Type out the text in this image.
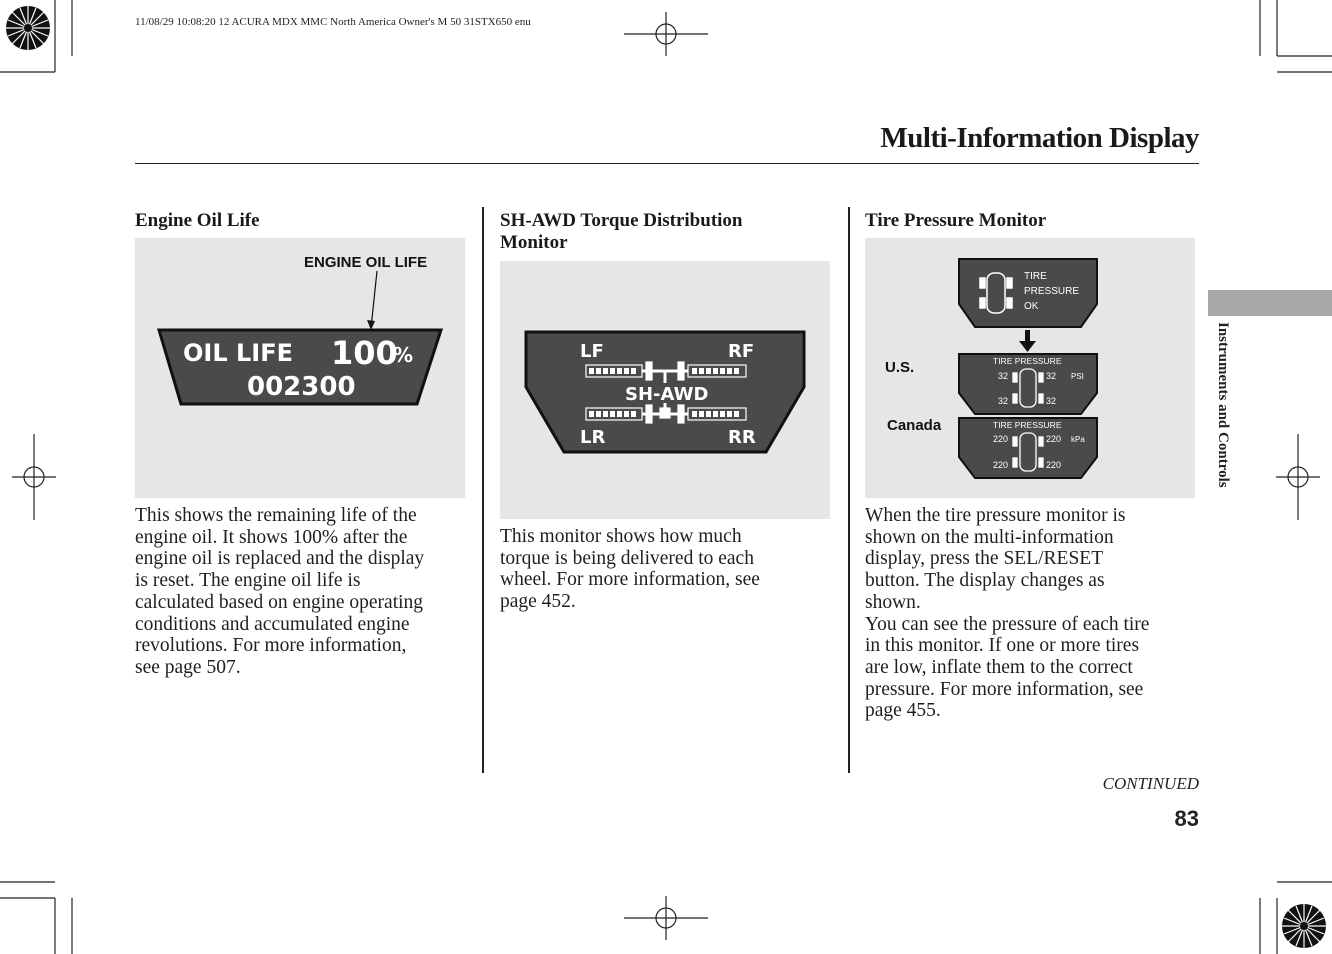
11/08/29 10:08:20 12 ACURA MDX MMC North America Owner's M 50 31STX650 enu
Multi-Information Display
Instruments and Controls
Engine Oil Life
ENGINE OIL LIFE
OIL LIFE 100
%
002300
This shows the remaining life of the
engine oil. It shows 100% after the
engine oil is replaced and the display
is reset. The engine oil life is
calculated based on engine operating
conditions and accumulated engine
revolutions. For more information,
see page 507.
SH-AWD Torque Distribution
Monitor
LF	RF
SH-AWD
LR	RR
This monitor shows how much
torque is being delivered to each
wheel. For more information, see
page 452.
Tire Pressure Monitor
TIRE
PRESSURE
OK
U.S.
Canada
TIRE PRESSURE
32	32 PSI
32	32
TIRE PRESSURE
220	220 kPa
220	220
When the tire pressure monitor is
shown on the multi-information
display, press the SEL/RESET
button. The display changes as
shown.
You can see the pressure of each tire
in this monitor. If one or more tires
are low, inflate them to the correct
pressure. For more information, see
page 455.
CONTINUED
83
